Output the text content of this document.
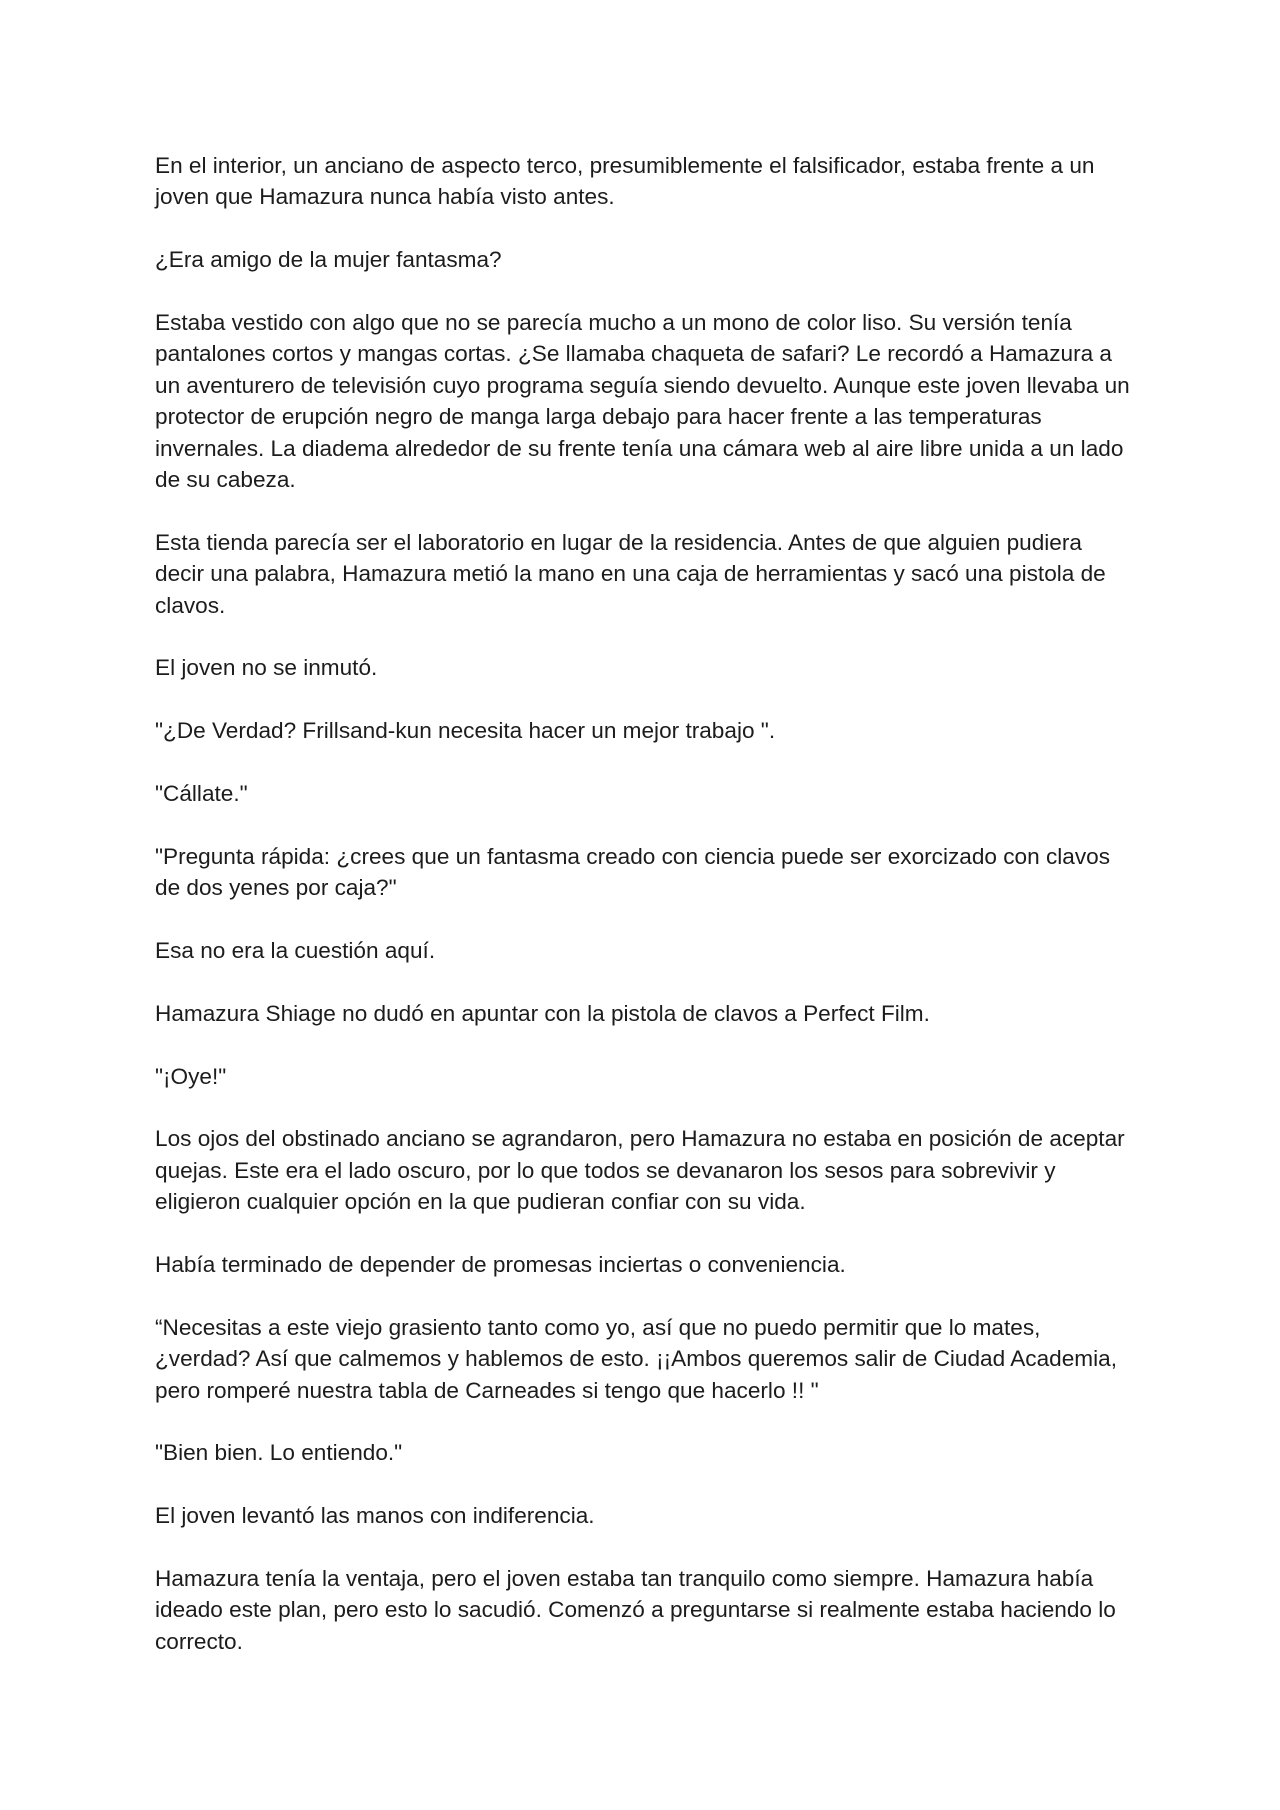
En el interior, un anciano de aspecto terco, presumiblemente el falsificador, estaba frente a un joven que Hamazura nunca había visto antes.

¿Era amigo de la mujer fantasma?

Estaba vestido con algo que no se parecía mucho a un mono de color liso. Su versión tenía pantalones cortos y mangas cortas. ¿Se llamaba chaqueta de safari? Le recordó a Hamazura a un aventurero de televisión cuyo programa seguía siendo devuelto. Aunque este joven llevaba un protector de erupción negro de manga larga debajo para hacer frente a las temperaturas invernales. La diadema alrededor de su frente tenía una cámara web al aire libre unida a un lado de su cabeza.

Esta tienda parecía ser el laboratorio en lugar de la residencia. Antes de que alguien pudiera decir una palabra, Hamazura metió la mano en una caja de herramientas y sacó una pistola de clavos.

El joven no se inmutó.

"¿De Verdad? Frillsand-kun necesita hacer un mejor trabajo ".

"Cállate."

"Pregunta rápida: ¿crees que un fantasma creado con ciencia puede ser exorcizado con clavos de dos yenes por caja?"

Esa no era la cuestión aquí.

Hamazura Shiage no dudó en apuntar con la pistola de clavos a Perfect Film.

"¡Oye!"

Los ojos del obstinado anciano se agrandaron, pero Hamazura no estaba en posición de aceptar quejas. Este era el lado oscuro, por lo que todos se devanaron los sesos para sobrevivir y eligieron cualquier opción en la que pudieran confiar con su vida.

Había terminado de depender de promesas inciertas o conveniencia.

“Necesitas a este viejo grasiento tanto como yo, así que no puedo permitir que lo mates, ¿verdad? Así que calmemos y hablemos de esto. ¡¡Ambos queremos salir de Ciudad Academia, pero romperé nuestra tabla de Carneades si tengo que hacerlo !! "

"Bien bien. Lo entiendo."

El joven levantó las manos con indiferencia.

Hamazura tenía la ventaja, pero el joven estaba tan tranquilo como siempre. Hamazura había ideado este plan, pero esto lo sacudió. Comenzó a preguntarse si realmente estaba haciendo lo correcto.
